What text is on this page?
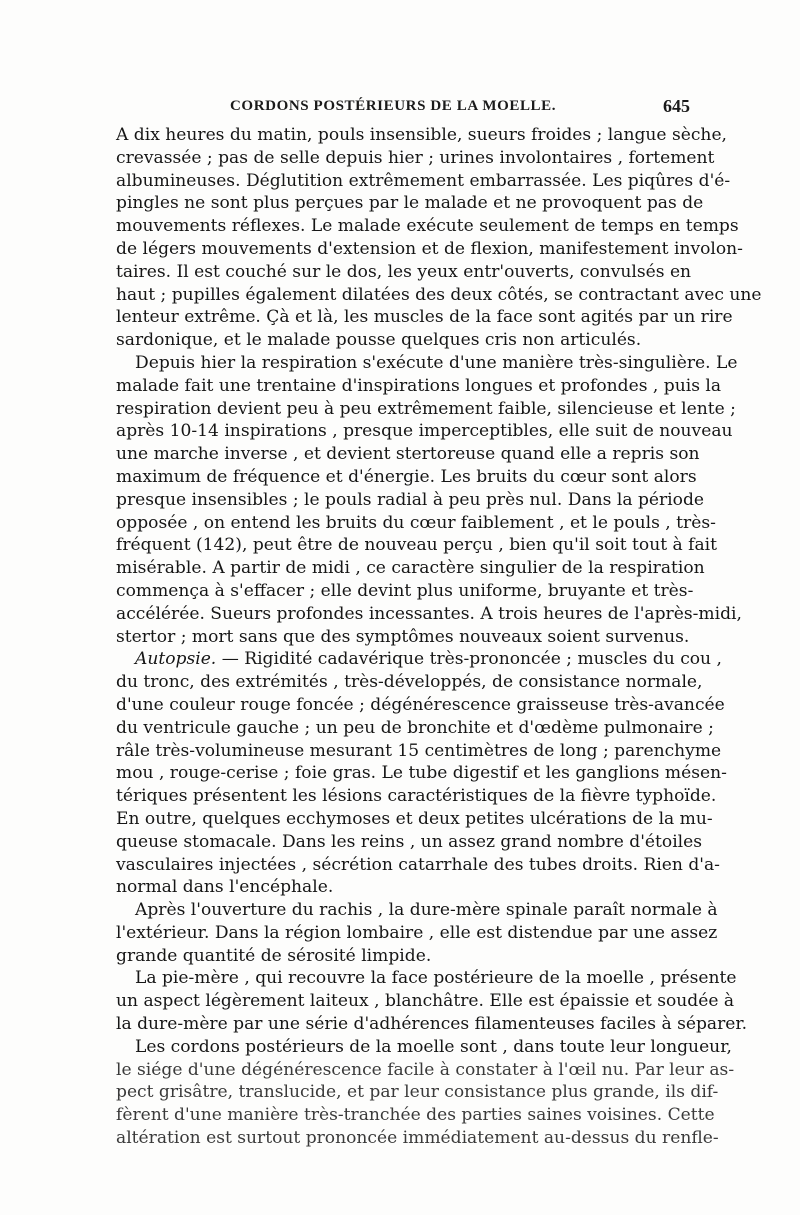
CORDONS POSTÉRIEURS DE LA MOELLE.	645
A dix heures du matin, pouls insensible, sueurs froides ; langue sèche,
crevassée ; pas de selle depuis hier ; urines involontaires , fortement
albumineuses. Déglutition extrêmement embarrassée. Les piqûres d'é-
pingles ne sont plus perçues par le malade et ne provoquent pas de
mouvements réflexes. Le malade exécute seulement de temps en temps
de légers mouvements d'extension et de flexion, manifestement involon-
taires. Il est couché sur le dos, les yeux entr'ouverts, convulsés en
haut ; pupilles également dilatées des deux côtés, se contractant avec une
lenteur extrême. Çà et là, les muscles de la face sont agités par un rire
sardonique, et le malade pousse quelques cris non articulés.
Depuis hier la respiration s'exécute d'une manière très-singulière. Le
malade fait une trentaine d'inspirations longues et profondes , puis la
respiration devient peu à peu extrêmement faible, silencieuse et lente ;
après 10-14 inspirations , presque imperceptibles, elle suit de nouveau
une marche inverse , et devient stertoreuse quand elle a repris son
maximum de fréquence et d'énergie. Les bruits du cœur sont alors
presque insensibles ; le pouls radial à peu près nul. Dans la période
opposée , on entend les bruits du cœur faiblement , et le pouls , très-
fréquent (142), peut être de nouveau perçu , bien qu'il soit tout à fait
misérable. A partir de midi , ce caractère singulier de la respiration
commença à s'effacer ; elle devint plus uniforme, bruyante et très-
accélérée. Sueurs profondes incessantes. A trois heures de l'après-midi,
stertor ; mort sans que des symptômes nouveaux soient survenus.
Autopsie. — Rigidité cadavérique très-prononcée ; muscles du cou ,
du tronc, des extrémités , très-développés, de consistance normale,
d'une couleur rouge foncée ; dégénérescence graisseuse très-avancée
du ventricule gauche ; un peu de bronchite et d'œdème pulmonaire ;
râle très-volumineuse mesurant 15 centimètres de long ; parenchyme
mou , rouge-cerise ; foie gras. Le tube digestif et les ganglions mésen-
tériques présentent les lésions caractéristiques de la fièvre typhoïde.
En outre, quelques ecchymoses et deux petites ulcérations de la mu-
queuse stomacale. Dans les reins , un assez grand nombre d'étoiles
vasculaires injectées , sécrétion catarrhale des tubes droits. Rien d'a-
normal dans l'encéphale.
Après l'ouverture du rachis , la dure-mère spinale paraît normale à
l'extérieur. Dans la région lombaire , elle est distendue par une assez
grande quantité de sérosité limpide.
La pie-mère , qui recouvre la face postérieure de la moelle , présente
un aspect légèrement laiteux , blanchâtre. Elle est épaissie et soudée à
la dure-mère par une série d'adhérences filamenteuses faciles à séparer.
Les cordons postérieurs de la moelle sont , dans toute leur longueur,
le siége d'une dégénérescence facile à constater à l'œil nu. Par leur as-
pect grisâtre, translucide, et par leur consistance plus grande, ils dif-
fèrent d'une manière très-tranchée des parties saines voisines. Cette
altération est surtout prononcée immédiatement au-dessus du renfle-
